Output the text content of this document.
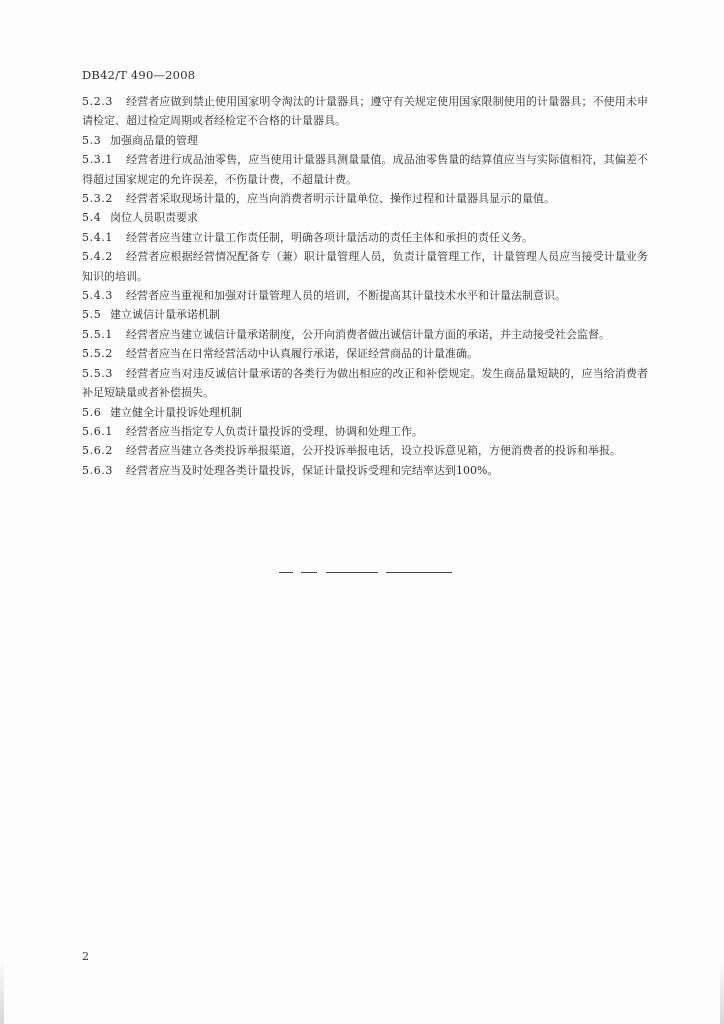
DB42/T 490—2008

5.2.3 经营者应做到禁止使用国家明令淘汰的计量器具；遵守有关规定使用国家限制使用的计量器具；不使用未申请检定、超过检定周期或者经检定不合格的计量器具。

5.3 加强商品量的管理

5.3.1 经营者进行成品油零售，应当使用计量器具测量量值。成品油零售量的结算值应当与实际值相符，其偏差不得超过国家规定的允许误差，不伤量计费，不超量计费。

5.3.2 经营者采取现场计量的，应当向消费者明示计量单位、操作过程和计量器具显示的量值。

5.4 岗位人员职责要求

5.4.1 经营者应当建立计量工作责任制，明确各项计量活动的责任主体和承担的责任义务。

5.4.2 经营者应根据经营情况配备专（兼）职计量管理人员，负责计量管理工作，计量管理人员应当接受计量业务知识的培训。

5.4.3 经营者应当重视和加强对计量管理人员的培训，不断提高其计量技术水平和计量法制意识。

5.5 建立诚信计量承诺机制

5.5.1 经营者应当建立诚信计量承诺制度，公开向消费者做出诚信计量方面的承诺，并主动接受社会监督。

5.5.2 经营者应当在日常经营活动中认真履行承诺，保证经营商品的计量准确。

5.5.3 经营者应当对违反诚信计量承诺的各类行为做出相应的改正和补偿规定。发生商品量短缺的，应当给消费者补足短缺量或者补偿损失。

5.6 建立健全计量投诉处理机制

5.6.1 经营者应当指定专人负责计量投诉的受理、协调和处理工作。

5.6.2 经营者应当建立各类投诉举报渠道，公开投诉举报电话，设立投诉意见箱，方便消费者的投诉和举报。

5.6.3 经营者应当及时处理各类计量投诉，保证计量投诉受理和完结率达到100%。

2
